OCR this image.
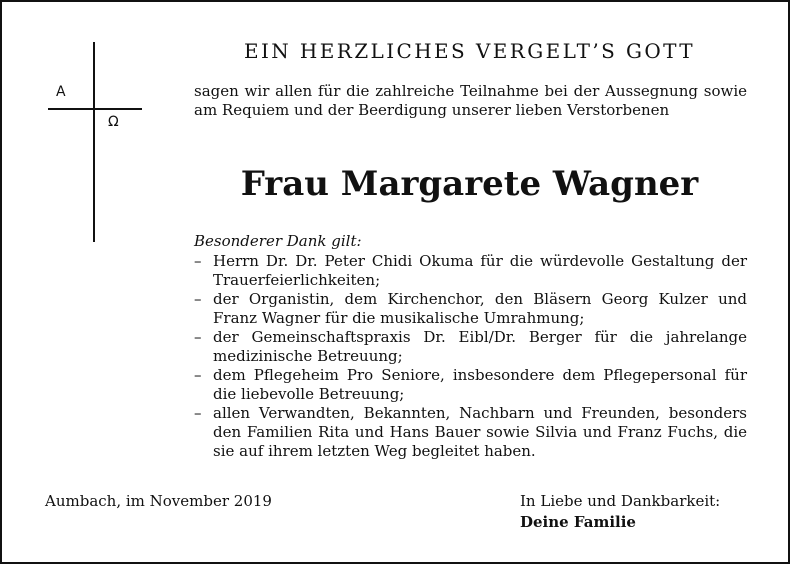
A
Ω
EIN HERZLICHES VERGELT’S GOTT
sagen wir allen für die zahlreiche Teilnahme bei der Aussegnung sowie am Requiem und der Beerdigung unserer lieben Verstorbenen
Frau Margarete Wagner
Besonderer Dank gilt:
– Herrn Dr. Dr. Peter Chidi Okuma für die würdevolle Gestaltung der Trauerfeierlichkeiten;
– der Organistin, dem Kirchenchor, den Bläsern Georg Kulzer und Franz Wagner für die musikalische Umrahmung;
– der Gemeinschaftspraxis Dr. Eibl/Dr. Berger für die jahrelange medizinische Betreuung;
– dem Pflegeheim Pro Seniore, insbesondere dem Pflegepersonal für die liebevolle Betreuung;
– allen Verwandten, Bekannten, Nachbarn und Freunden, besonders den Familien Rita und Hans Bauer sowie Silvia und Franz Fuchs, die sie auf ihrem letzten Weg begleitet haben.
Aumbach, im November 2019	In Liebe und Dankbarkeit:
Deine Familie
